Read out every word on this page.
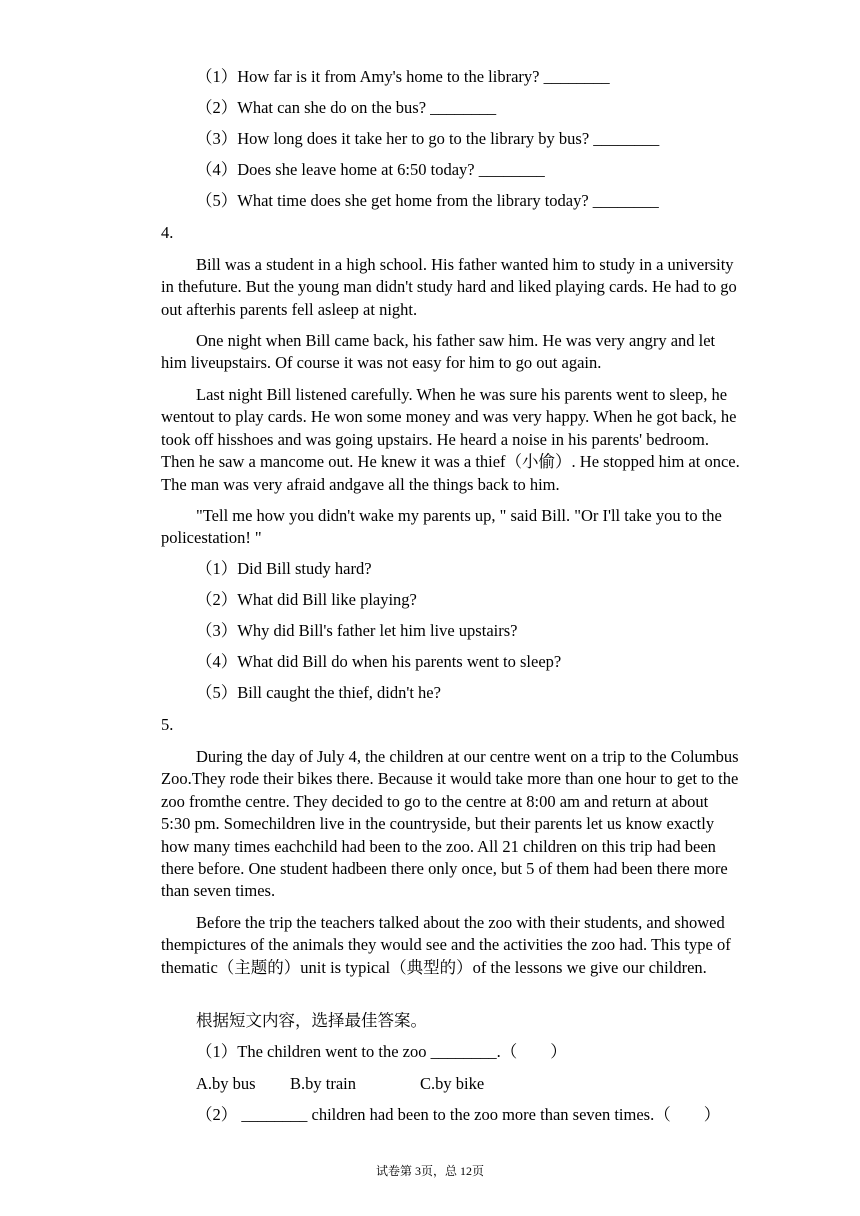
（1）How far is it from Amy's home to the library? ________
（2）What can she do on the bus? ________
（3）How long does it take her to go to the library by bus? ________
（4）Does she leave home at 6:50 today? ________
（5）What time does she get home from the library today? ________
4.
Bill was a student in a high school. His father wanted him to study in a university in thefuture. But the young man didn't study hard and liked playing cards. He had to go out afterhis parents fell asleep at night.
One night when Bill came back, his father saw him. He was very angry and let him liveupstairs. Of course it was not easy for him to go out again.
Last night Bill listened carefully. When he was sure his parents went to sleep, he wentout to play cards. He won some money and was very happy. When he got back, he took off hisshoes and was going upstairs. He heard a noise in his parents' bedroom. Then he saw a mancome out. He knew it was a thief（小偷）. He stopped him at once. The man was very afraid andgave all the things back to him.
"Tell me how you didn't wake my parents up, " said Bill. "Or I'll take you to the policestation! "
（1）Did Bill study hard?
（2）What did Bill like playing?
（3）Why did Bill's father let him live upstairs?
（4）What did Bill do when his parents went to sleep?
（5）Bill caught the thief, didn't he?
5.
During the day of July 4, the children at our centre went on a trip to the Columbus Zoo.They rode their bikes there. Because it would take more than one hour to get to the zoo fromthe centre. They decided to go to the centre at 8:00 am and return at about 5:30 pm. Somechildren live in the countryside, but their parents let us know exactly how many times eachchild had been to the zoo. All 21 children on this trip had been there before. One student hadbeen there only once, but 5 of them had been there more than seven times.
Before the trip the teachers talked about the zoo with their students, and showed thempictures of the animals they would see and the activities the zoo had. This type of thematic（主题的）unit is typical（典型的）of the lessons we give our children.
根据短文内容，选择最佳答案。
（1）The children went to the zoo ________.（　　）
A.by bus B.by train	C.by bike
（2） ________ children had been to the zoo more than seven times.（　　）
试卷第 3页，总 12页
